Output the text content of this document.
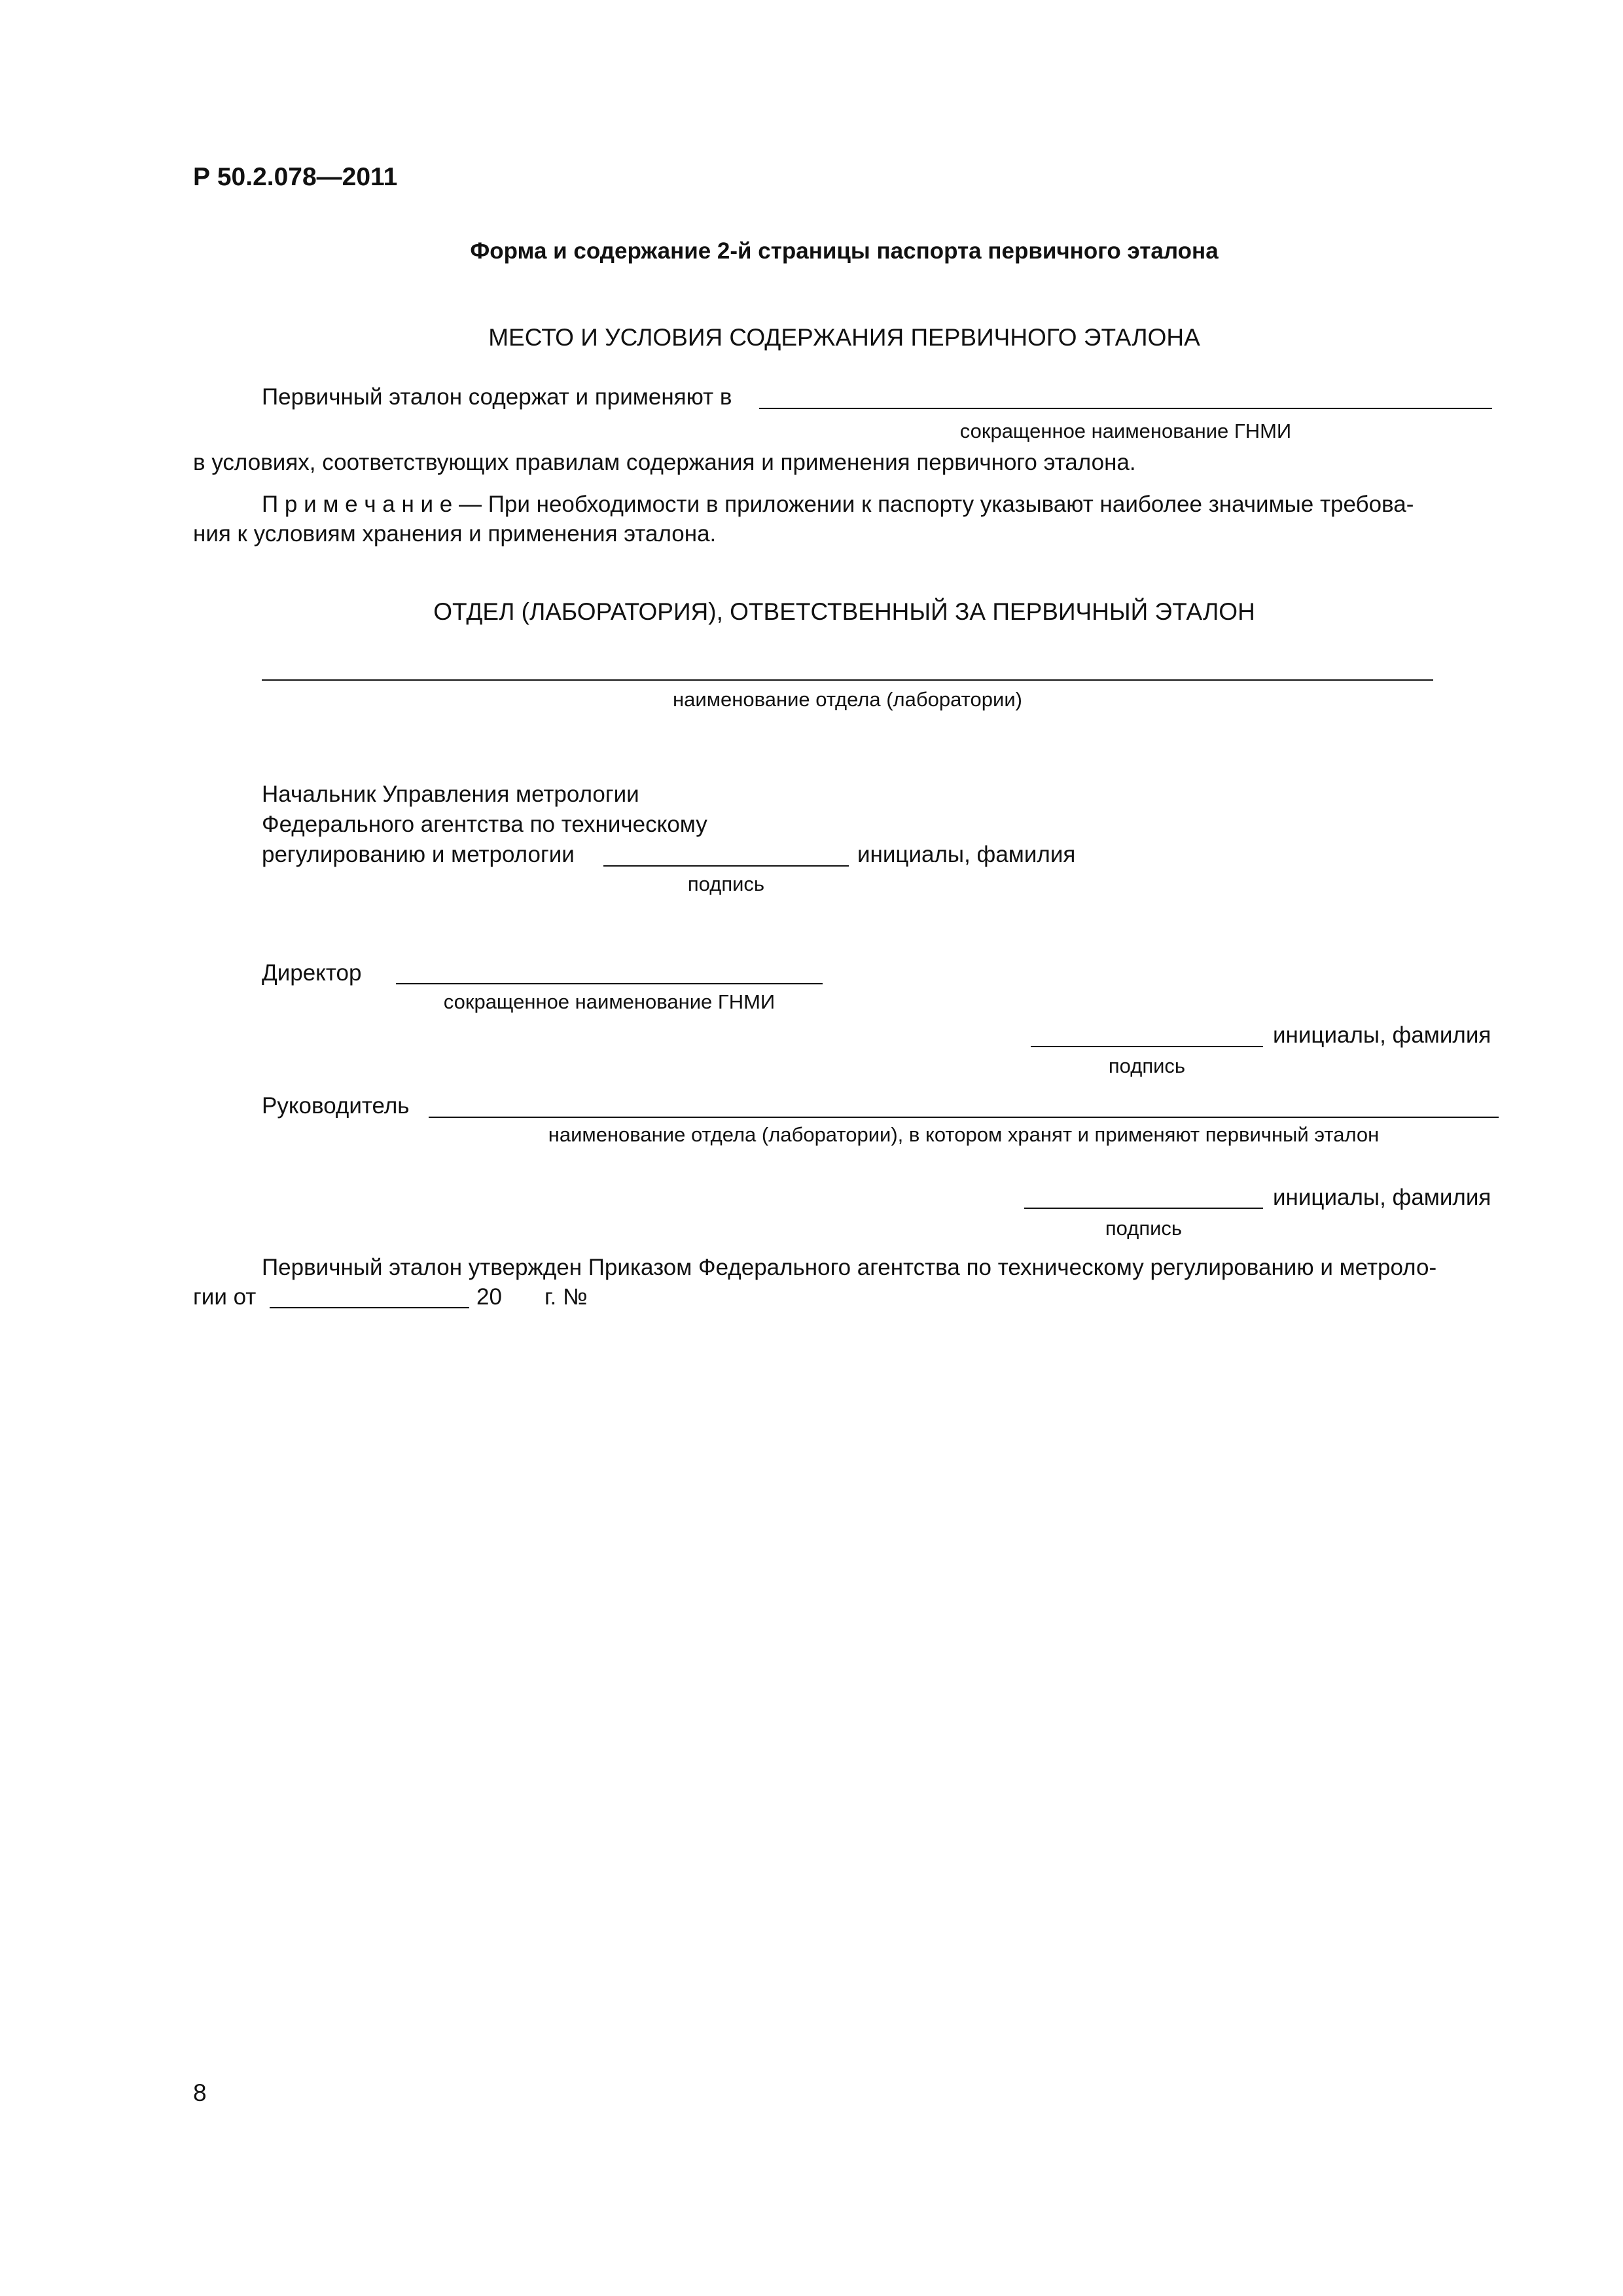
Р 50.2.078—2011
Форма и содержание 2-й страницы паспорта первичного эталона
МЕСТО И УСЛОВИЯ СОДЕРЖАНИЯ ПЕРВИЧНОГО ЭТАЛОНА
Первичный эталон содержат и применяют в
сокращенное наименование ГНМИ
в условиях, соответствующих правилам содержания и применения первичного эталона.
П р и м е ч а н и е — При необходимости в приложении к паспорту указывают наиболее значимые требова-
ния к условиям хранения и применения эталона.
ОТДЕЛ (ЛАБОРАТОРИЯ), ОТВЕТСТВЕННЫЙ ЗА ПЕРВИЧНЫЙ ЭТАЛОН
наименование отдела (лаборатории)
Начальник Управления метрологии
Федерального агентства по техническому
регулированию и метрологии	инициалы, фамилия
подпись
Директор
сокращенное наименование ГНМИ
инициалы, фамилия
подпись
Руководитель
наименование отдела (лаборатории), в котором хранят и применяют первичный эталон
инициалы, фамилия
подпись
Первичный эталон утвержден Приказом Федерального агентства по техническому регулированию и метроло-
гии от	20 г. №
8
